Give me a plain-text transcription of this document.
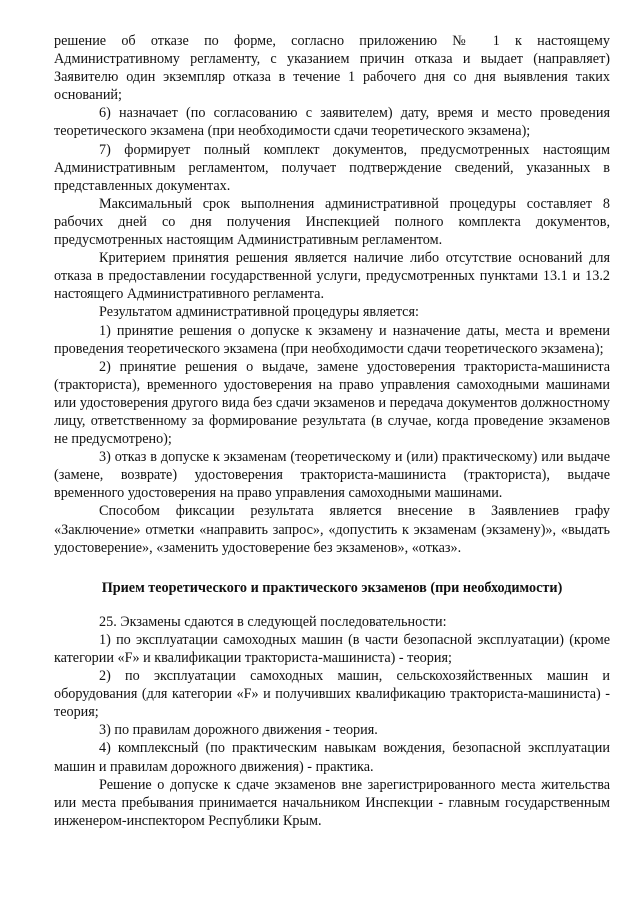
решение об отказе по форме, согласно приложению № 1 к настоящему Административному регламенту, с указанием причин отказа и выдает (направляет) Заявителю один экземпляр отказа в течение 1 рабочего дня со дня выявления таких оснований;

6) назначает (по согласованию с заявителем) дату, время и место проведения теоретического экзамена (при необходимости сдачи теоретического экзамена);

7) формирует полный комплект документов, предусмотренных настоящим Административным регламентом, получает подтверждение сведений, указанных в представленных документах.

Максимальный срок выполнения административной процедуры составляет 8 рабочих дней со дня получения Инспекцией полного комплекта документов, предусмотренных настоящим Административным регламентом.

Критерием принятия решения является наличие либо отсутствие оснований для отказа в предоставлении государственной услуги, предусмотренных пунктами 13.1 и 13.2 настоящего Административного регламента.

Результатом административной процедуры является:

1) принятие решения о допуске к экзамену и назначение даты, места и времени проведения теоретического экзамена (при необходимости сдачи теоретического экзамена);

2) принятие решения о выдаче, замене удостоверения тракториста-машиниста (тракториста), временного удостоверения на право управления самоходными машинами или удостоверения другого вида без сдачи экзаменов и передача документов должностному лицу, ответственному за формирование результата (в случае, когда проведение экзаменов не предусмотрено);

3) отказ в допуске к экзаменам (теоретическому и (или) практическому) или выдаче (замене, возврате) удостоверения тракториста-машиниста (тракториста), выдаче временного удостоверения на право управления самоходными машинами.

Способом фиксации результата является внесение в Заявлениев графу «Заключение» отметки «направить запрос», «допустить к экзаменам (экзамену)», «выдать удостоверение», «заменить удостоверение без экзаменов», «отказ».

Прием теоретического и практического экзаменов (при необходимости)

25. Экзамены сдаются в следующей последовательности:

1) по эксплуатации самоходных машин (в части безопасной эксплуатации) (кроме категории «F» и квалификации тракториста-машиниста) - теория;

2) по эксплуатации самоходных машин, сельскохозяйственных машин и оборудования (для категории «F» и получивших квалификацию тракториста-машиниста) - теория;

3) по правилам дорожного движения - теория.

4) комплексный (по практическим навыкам вождения, безопасной эксплуатации машин и правилам дорожного движения) - практика.

Решение о допуске к сдаче экзаменов вне зарегистрированного места жительства или места пребывания принимается начальником Инспекции - главным государственным инженером-инспектором Республики Крым.
